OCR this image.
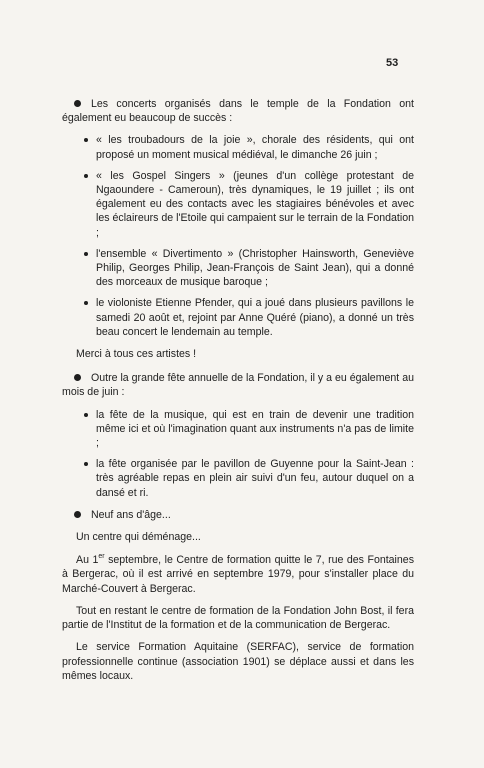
53

Les concerts organisés dans le temple de la Fondation ont également eu beaucoup de succès :

« les troubadours de la joie », chorale des résidents, qui ont proposé un moment musical médiéval, le dimanche 26 juin ;
« les Gospel Singers » (jeunes d'un collège protestant de Ngaoundere - Cameroun), très dynamiques, le 19 juillet ; ils ont également eu des contacts avec les stagiaires bénévoles et avec les éclaireurs de l'Etoile qui campaient sur le terrain de la Fondation ;
l'ensemble « Divertimento » (Christopher Hainsworth, Geneviève Philip, Georges Philip, Jean-François de Saint Jean), qui a donné des morceaux de musique baroque ;
le violoniste Etienne Pfender, qui a joué dans plusieurs pavillons le samedi 20 août et, rejoint par Anne Quéré (piano), a donné un très beau concert le lendemain au temple.

Merci à tous ces artistes !

Outre la grande fête annuelle de la Fondation, il y a eu également au mois de juin :

la fête de la musique, qui est en train de devenir une tradition même ici et où l'imagination quant aux instruments n'a pas de limite ;
la fête organisée par le pavillon de Guyenne pour la Saint-Jean : très agréable repas en plein air suivi d'un feu, autour duquel on a dansé et ri.

Neuf ans d'âge...

Un centre qui déménage...

Au 1er septembre, le Centre de formation quitte le 7, rue des Fontaines à Bergerac, où il est arrivé en septembre 1979, pour s'installer place du Marché-Couvert à Bergerac.

Tout en restant le centre de formation de la Fondation John Bost, il fera partie de l'Institut de la formation et de la communication de Bergerac.

Le service Formation Aquitaine (SERFAC), service de formation professionnelle continue (association 1901) se déplace aussi et dans les mêmes locaux.
